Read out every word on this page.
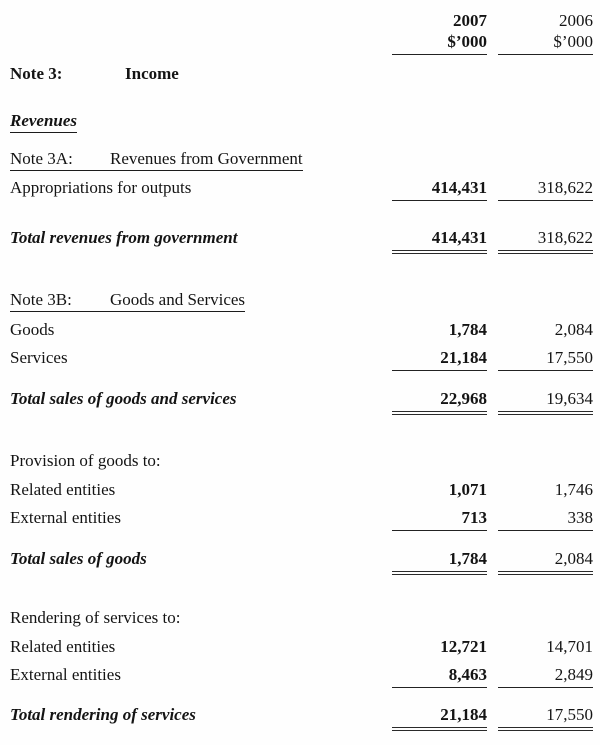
2007	2006
$’000	$’000
Note 3:	Income
Revenues
Note 3A: Revenues from Government
Appropriations for outputs	414,431	318,622
Total revenues from government	414,431	318,622
Note 3B: Goods and Services
Goods	1,784	2,084
Services	21,184	17,550
Total sales of goods and services	22,968	19,634
Provision of goods to:
Related entities	1,071	1,746
External entities	713	338
Total sales of goods	1,784	2,084
Rendering of services to:
Related entities	12,721	14,701
External entities	8,463	2,849
Total rendering of services	21,184	17,550
